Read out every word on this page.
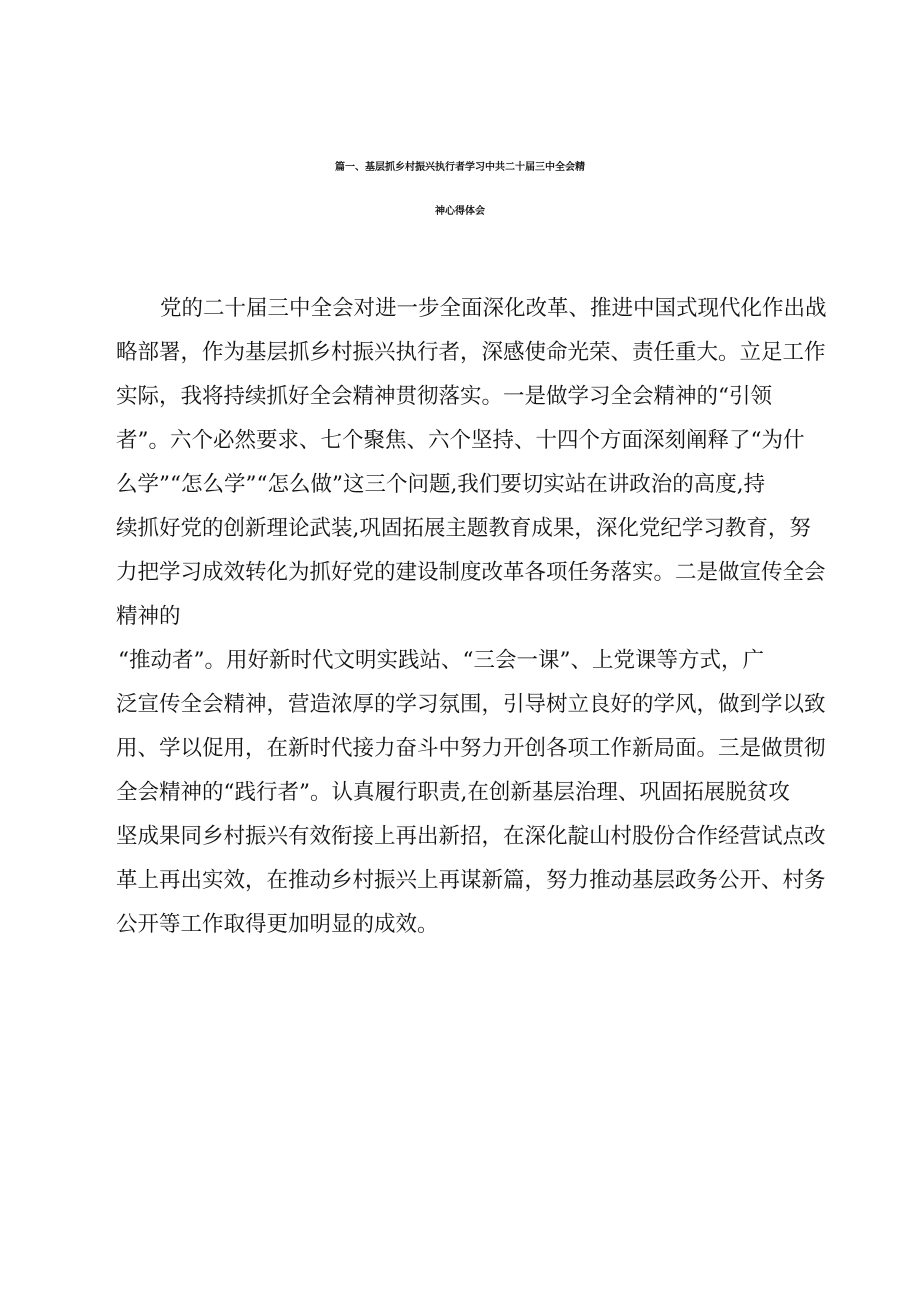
篇一、基层抓乡村振兴执行者学习中共二十届三中全会精
神心得体会

党的二十届三中全会对进一步全面深化改革、推进中国式现代化作出战

略部署，作为基层抓乡村振兴执行者，深感使命光荣、责任重大。立足工作

实际，我将持续抓好全会精神贯彻落实。一是做学习全会精神的“引领

者”。六个必然要求、七个聚焦、六个坚持、十四个方面深刻阐释了“为什

么学”“怎么学”“怎么做”这三个问题,我们要切实站在讲政治的高度,持

续抓好党的创新理论武装,巩固拓展主题教育成果，深化党纪学习教育，努

力把学习成效转化为抓好党的建设制度改革各项任务落实。二是做宣传全会

精神的

“推动者”。用好新时代文明实践站、“三会一课”、上党课等方式，广

泛宣传全会精神，营造浓厚的学习氛围，引导树立良好的学风，做到学以致

用、学以促用，在新时代接力奋斗中努力开创各项工作新局面。三是做贯彻

全会精神的“践行者”。认真履行职责,在创新基层治理、巩固拓展脱贫攻

坚成果同乡村振兴有效衔接上再出新招，在深化靛山村股份合作经营试点改

革上再出实效，在推动乡村振兴上再谋新篇，努力推动基层政务公开、村务

公开等工作取得更加明显的成效。
